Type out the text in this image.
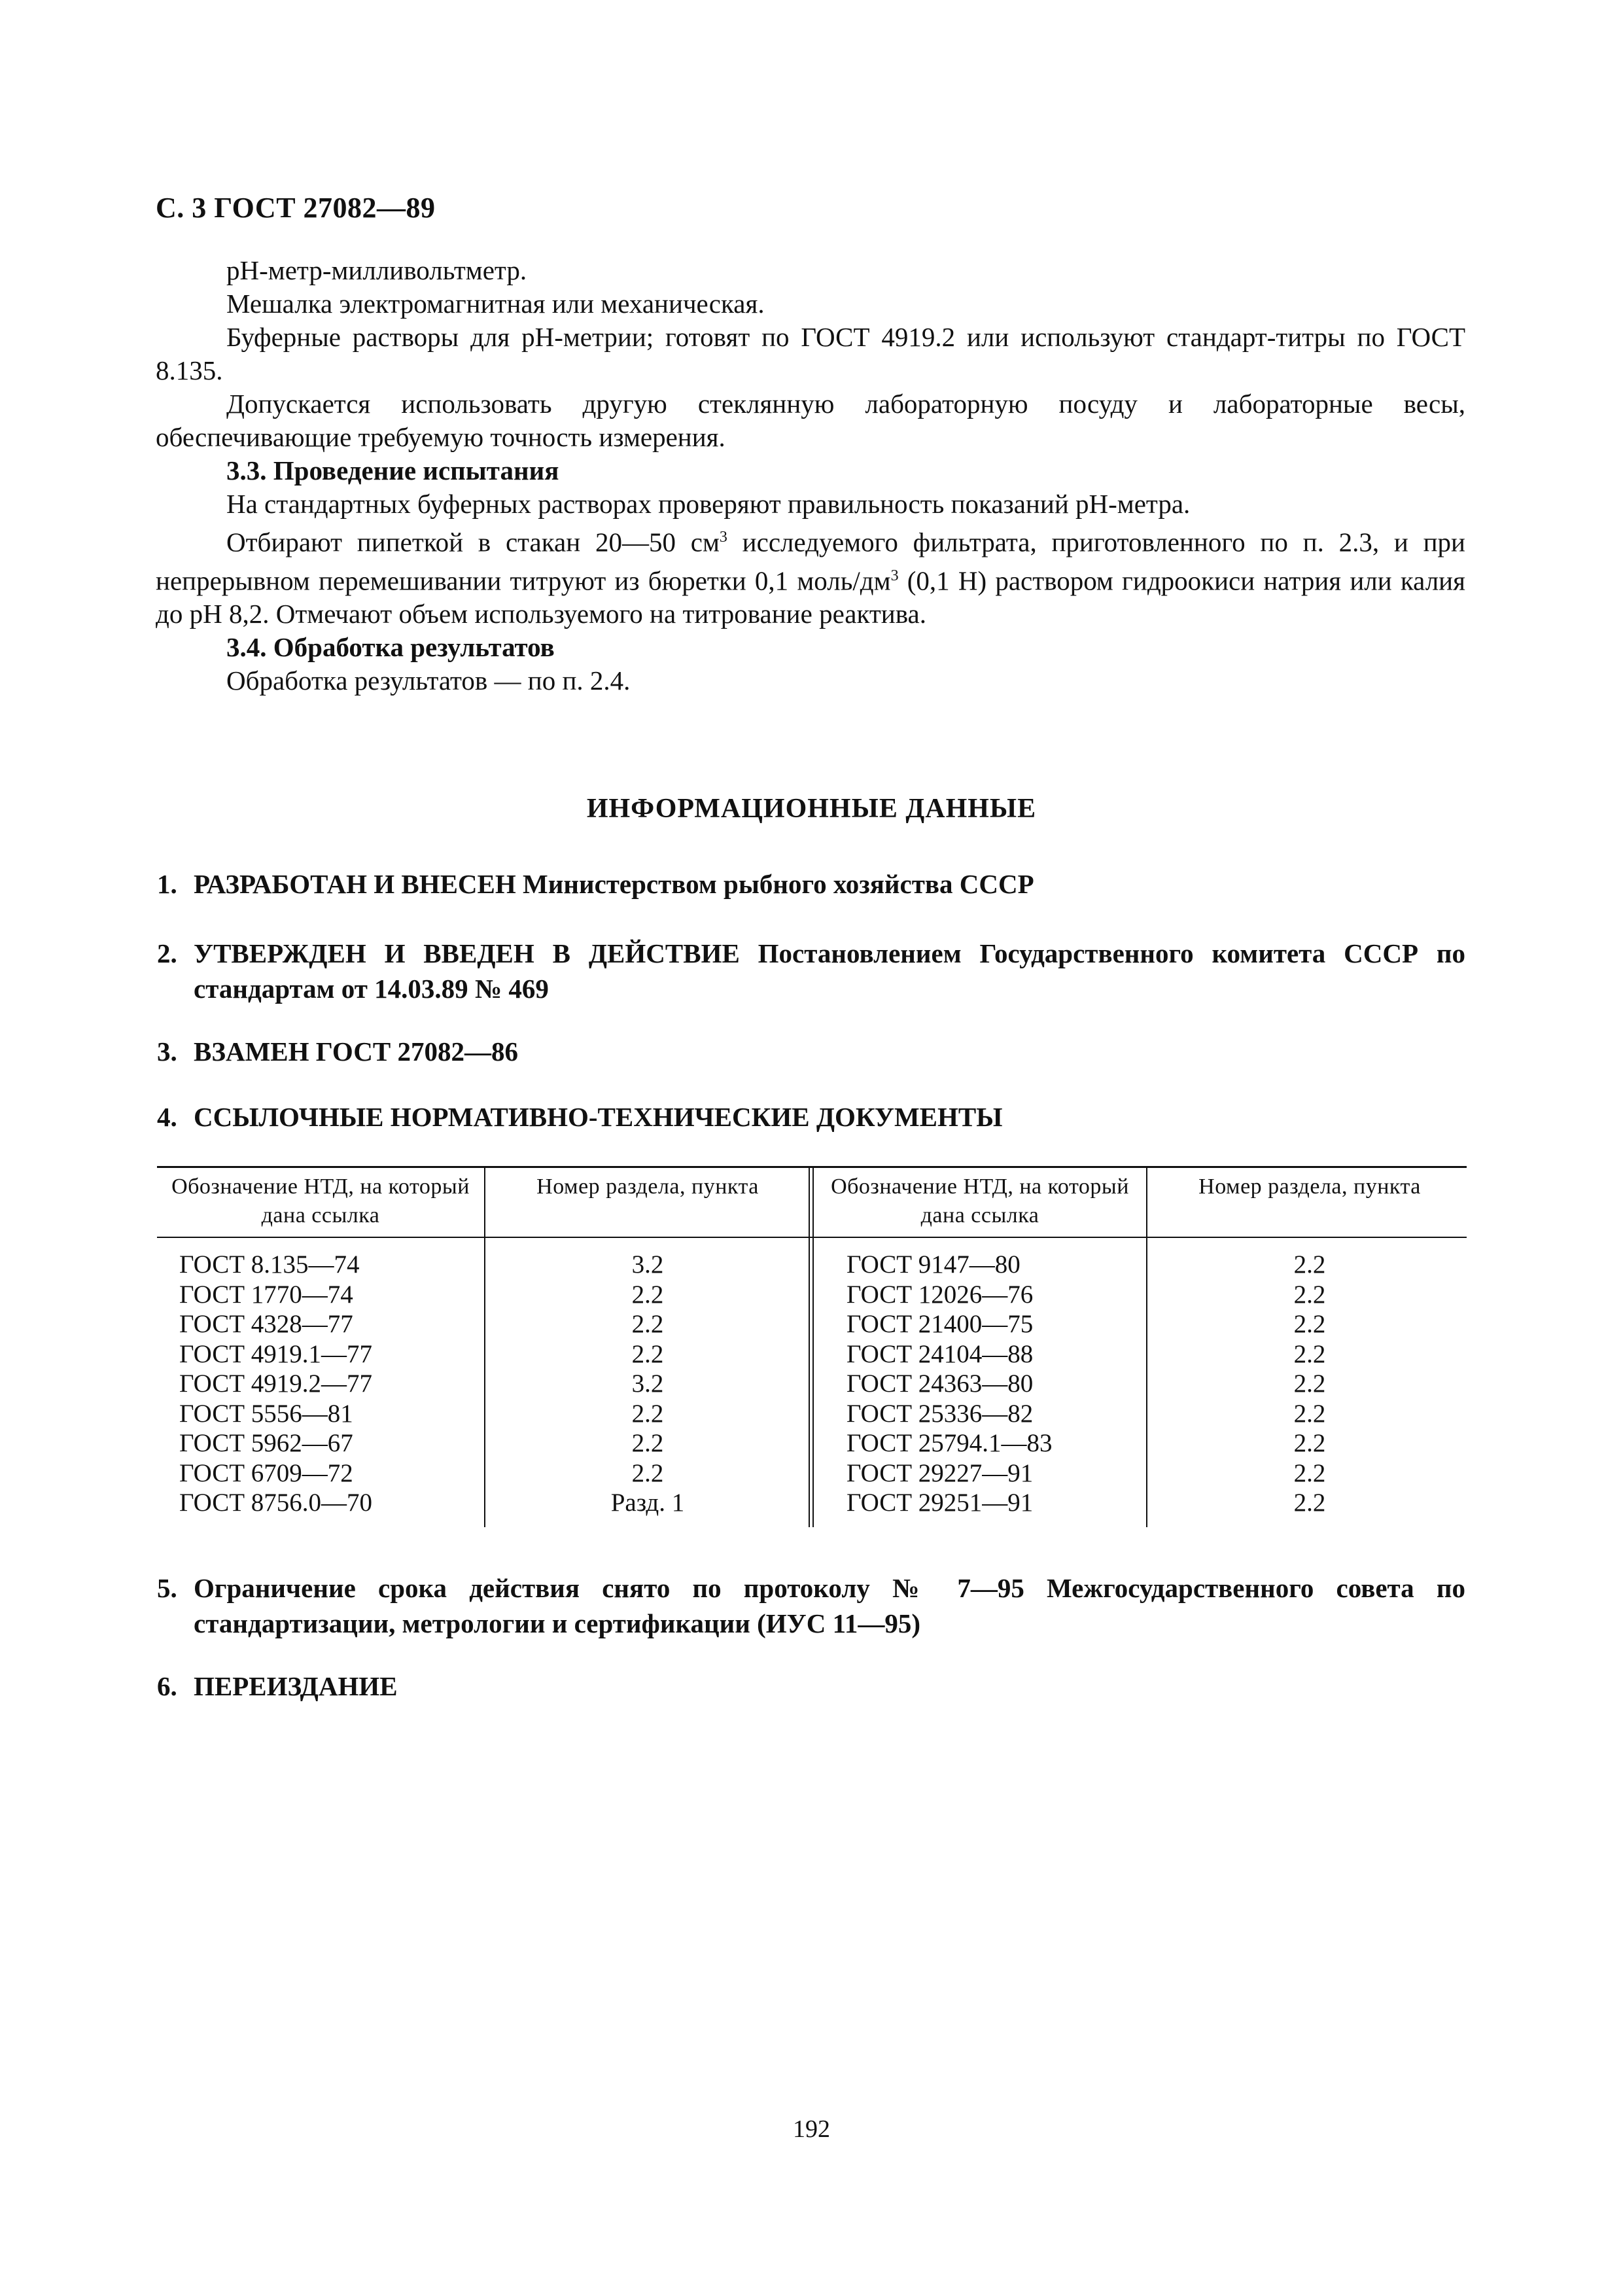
С. 3 ГОСТ 27082—89

рН-метр-милливольтметр.

Мешалка электромагнитная или механическая.

Буферные растворы для рН-метрии; готовят по ГОСТ 4919.2 или используют стандарт-титры по ГОСТ 8.135.

Допускается использовать другую стеклянную лабораторную посуду и лабораторные весы, обеспечивающие требуемую точность измерения.

3.3. Проведение испытания

На стандартных буферных растворах проверяют правильность показаний рН-метра.

Отбирают пипеткой в стакан 20—50 $см^3$ исследуемого фильтрата, приготовленного по п. 2.3, и при непрерывном перемешивании титруют из бюретки 0,1 моль/$дм^3$ (0,1 Н) раствором гидроокиси натрия или калия до рН 8,2. Отмечают объем используемого на титрование реактива.

3.4. Обработка результатов

Обработка результатов — по п. 2.4.

ИНФОРМАЦИОННЫЕ ДАННЫЕ
1. РАЗРАБОТАН И ВНЕСЕН Министерством рыбного хозяйства СССР
2. УТВЕРЖДЕН И ВВЕДЕН В ДЕЙСТВИЕ Постановлением Государственного комитета СССР по стандартам от 14.03.89 № 469
3. ВЗАМЕН ГОСТ 27082—86
4. ССЫЛОЧНЫЕ НОРМАТИВНО-ТЕХНИЧЕСКИЕ ДОКУМЕНТЫ
Обозначение НТД, на который дана ссылка
Номер раздела, пункта	Обозначение НТД, на который дана ссылка
Номер раздела, пункта
ГОСТ 8.135—74
ГОСТ 1770—74
ГОСТ 4328—77
ГОСТ 4919.1—77
ГОСТ 4919.2—77
ГОСТ 5556—81
ГОСТ 5962—67
ГОСТ 6709—72
ГОСТ 8756.0—70
3.2
2.2
2.2
2.2
3.2
2.2
2.2
2.2
Разд. 1
ГОСТ 9147—80
ГОСТ 12026—76
ГОСТ 21400—75
ГОСТ 24104—88
ГОСТ 24363—80
ГОСТ 25336—82
ГОСТ 25794.1—83
ГОСТ 29227—91
ГОСТ 29251—91
2.2
2.2
2.2
2.2
2.2
2.2
2.2
2.2
2.2
5. Ограничение срока действия снято по протоколу № 7—95 Межгосударственного совета по стандартизации, метрологии и сертификации (ИУС 11—95)
6. ПЕРЕИЗДАНИЕ
192
